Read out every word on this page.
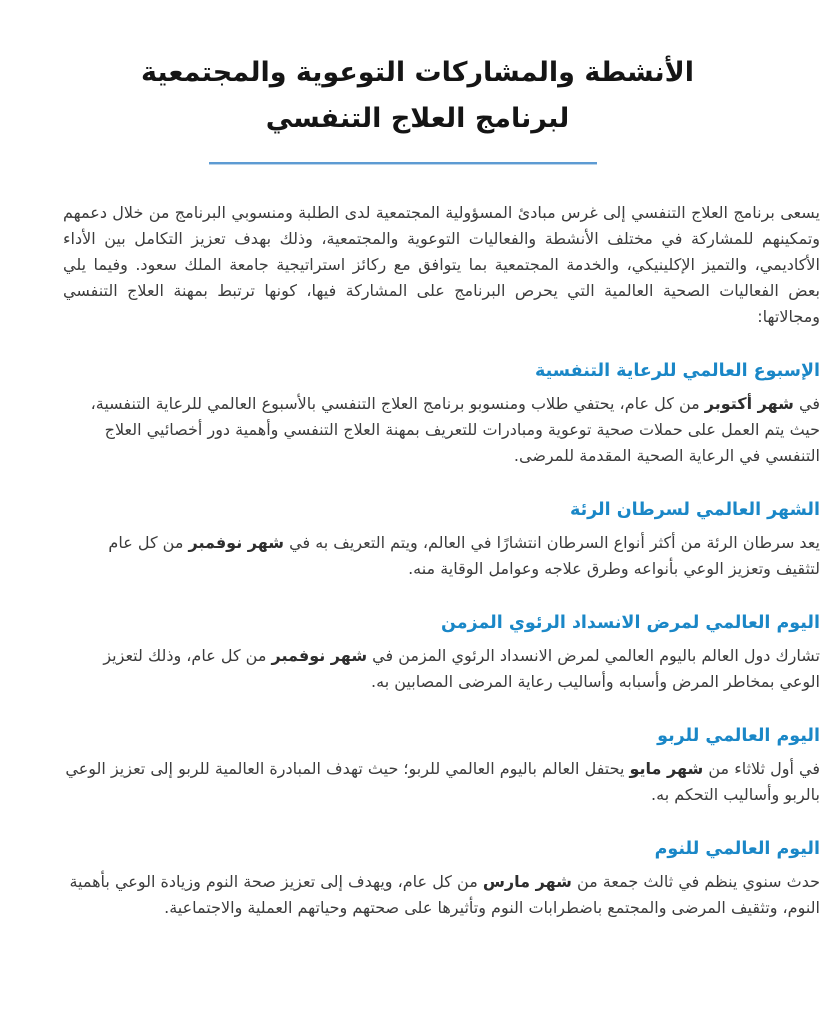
الأنشطة والمشاركات التوعوية والمجتمعية
لبرنامج العلاج التنفسي

يسعى برنامج العلاج التنفسي إلى غرس مبادئ المسؤولية المجتمعية لدى الطلبة ومنسوبي البرنامج من خلال دعمهم وتمكينهم للمشاركة في مختلف الأنشطة والفعاليات التوعوية والمجتمعية، وذلك بهدف تعزيز التكامل بين الأداء الأكاديمي، والتميز الإكلينيكي، والخدمة المجتمعية بما يتوافق مع ركائز استراتيجية جامعة الملك سعود. وفيما يلي بعض الفعاليات الصحية العالمية التي يحرص البرنامج على المشاركة فيها، كونها ترتبط بمهنة العلاج التنفسي ومجالاتها:

الإسبوع العالمي للرعاية التنفسية

في شهر أكتوبر من كل عام، يحتفي طلاب ومنسوبو برنامج العلاج التنفسي بالأسبوع العالمي للرعاية التنفسية، حيث يتم العمل على حملات صحية توعوية ومبادرات للتعريف بمهنة العلاج التنفسي وأهمية دور أخصائيي العلاج التنفسي في الرعاية الصحية المقدمة للمرضى.

الشهر العالمي لسرطان الرئة

يعد سرطان الرئة من أكثر أنواع السرطان انتشارًا في العالم، ويتم التعريف به في شهر نوفمبر من كل عام لتثقيف وتعزيز الوعي بأنواعه وطرق علاجه وعوامل الوقاية منه.

اليوم العالمي لمرض الانسداد الرئوي المزمن

تشارك دول العالم باليوم العالمي لمرض الانسداد الرئوي المزمن في شهر نوفمبر من كل عام، وذلك لتعزيز الوعي بمخاطر المرض وأسبابه وأساليب رعاية المرضى المصابين به.

اليوم العالمي للربو

في أول ثلاثاء من شهر مايو يحتفل العالم باليوم العالمي للربو؛ حيث تهدف المبادرة العالمية للربو إلى تعزيز الوعي بالربو وأساليب التحكم به.

اليوم العالمي للنوم

حدث سنوي ينظم في ثالث جمعة من شهر مارس من كل عام، ويهدف إلى تعزيز صحة النوم وزيادة الوعي بأهمية النوم، وتثقيف المرضى والمجتمع باضطرابات النوم وتأثيرها على صحتهم وحياتهم العملية والاجتماعية.
